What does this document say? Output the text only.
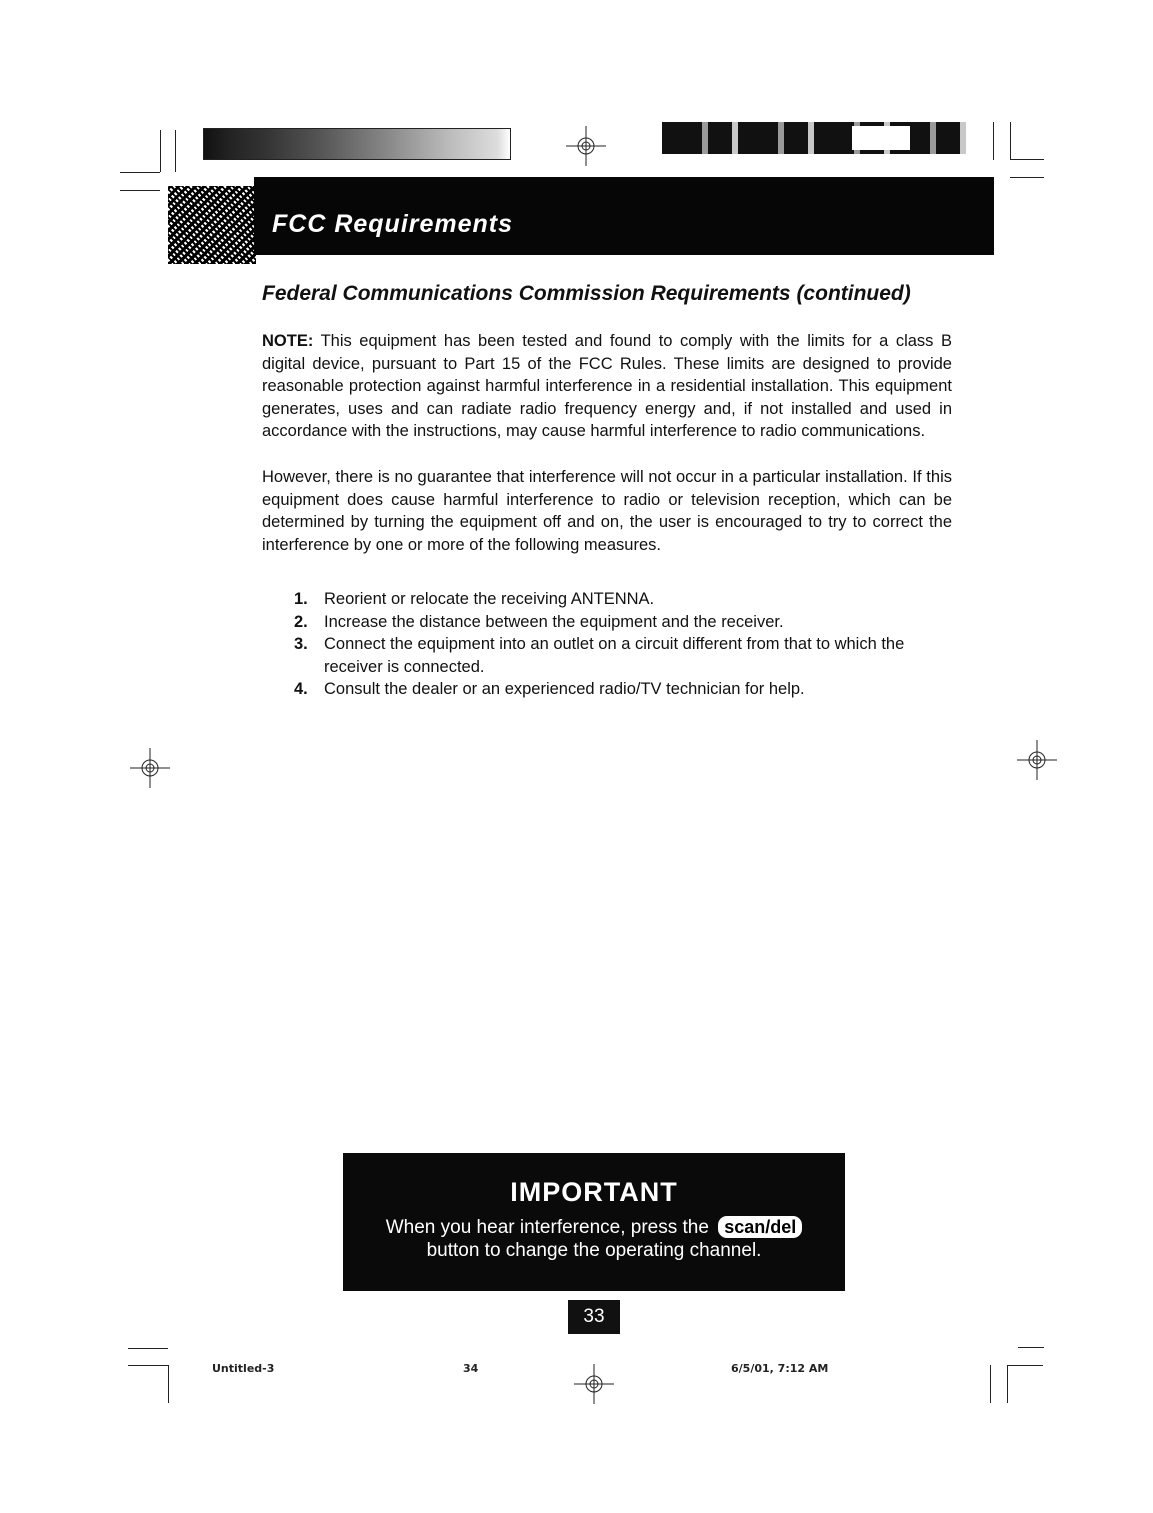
FCC Requirements
Federal Communications Commission Requirements (continued)
NOTE: This equipment has been tested and found to comply with the limits for a class B digital device, pursuant to Part 15 of the FCC Rules. These limits are designed to provide reasonable protection against harmful interference in a residential installation. This equipment generates, uses and can radiate radio frequency energy and, if not installed and used in accordance with the instructions, may cause harmful interference to radio communications.
However, there is no guarantee that interference will not occur in a particular installation. If this equipment does cause harmful interference to radio or television reception, which can be determined by turning the equipment off and on, the user is encouraged to try to correct the interference by one or more of the following measures.
1. Reorient or relocate the receiving ANTENNA.
2. Increase the distance between the equipment and the receiver.
3. Connect the equipment into an outlet on a circuit different from that to which the receiver is connected.
4. Consult the dealer or an experienced radio/TV technician for help.
IMPORTANT
When you hear interference, press the scan/del
button to change the operating channel.
33
Untitled-3	34	6/5/01, 7:12 AM
